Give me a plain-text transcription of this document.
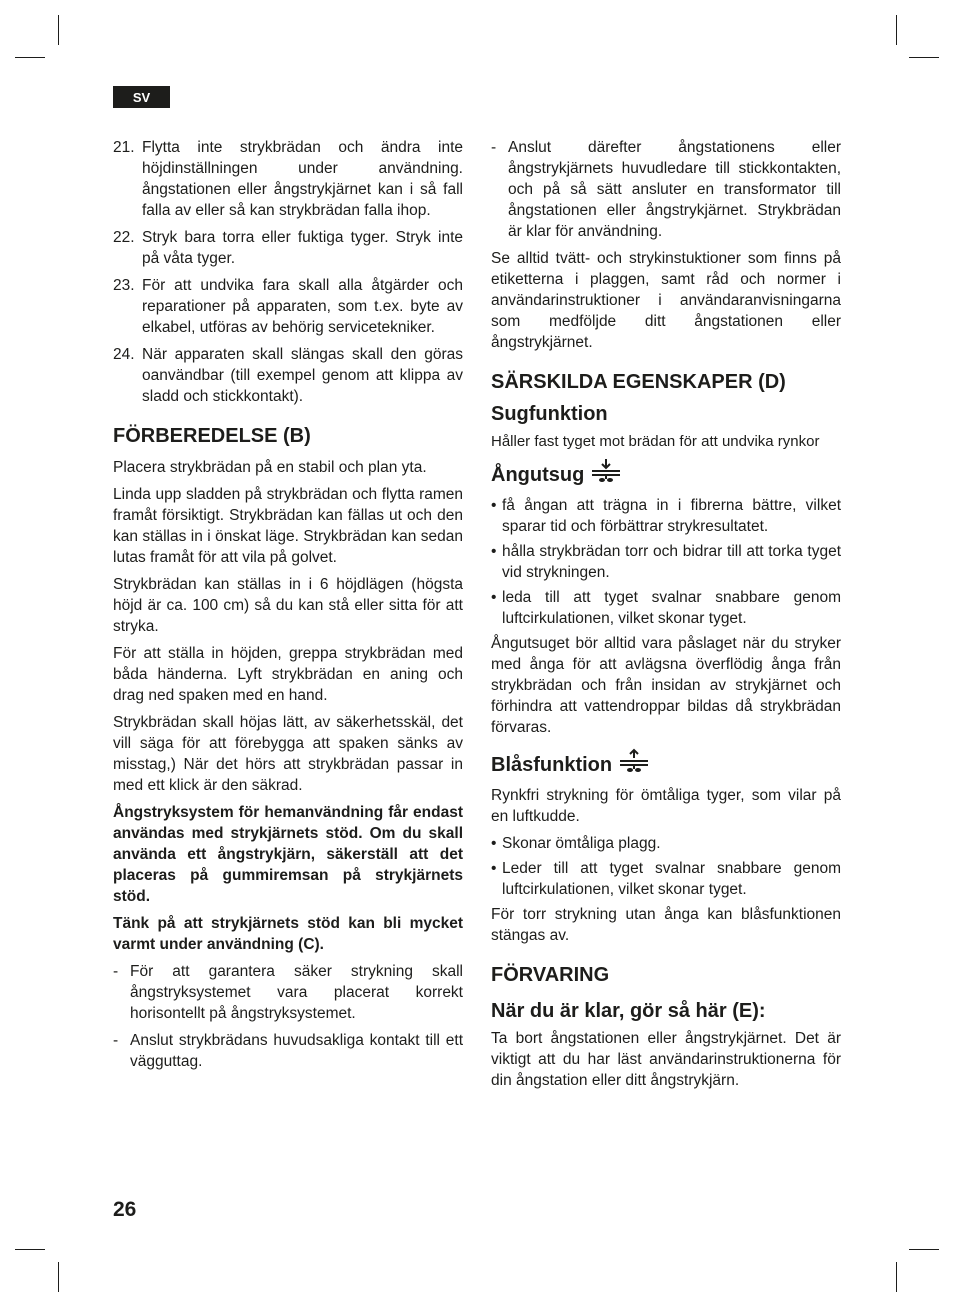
SV
21. Flytta inte strykbrädan och ändra inte höjdinställningen under användning. ångstationen eller ångstrykjärnet kan i så fall falla av eller så kan strykbrädan falla ihop.
22. Stryk bara torra eller fuktiga tyger. Stryk inte på våta tyger.
23. För att undvika fara skall alla åtgärder och reparationer på apparaten, som t.ex. byte av elkabel, utföras av behörig servicetekniker.
24. När apparaten skall slängas skall den göras oanvändbar (till exempel genom att klippa av sladd och stickkontakt).
FÖRBEREDELSE (B)

Placera strykbrädan på en stabil och plan yta.

Linda upp sladden på strykbrädan och flytta ramen framåt försiktigt. Strykbrädan kan fällas ut och den kan ställas in i önskat läge. Strykbrädan kan sedan lutas framåt för att vila på golvet.

Strykbrädan kan ställas in i 6 höjdlägen (högsta höjd är ca. 100 cm) så du kan stå eller sitta för att stryka.

För att ställa in höjden, greppa strykbrädan med båda händerna. Lyft strykbrädan en aning och drag ned spaken med en hand.

Strykbrädan skall höjas lätt, av säkerhetsskäl, det vill säga för att förebygga att spaken sänks av misstag,) När det hörs att strykbrädan passar in med ett klick är den säkrad.

Ångstryksystem för hemanvändning får endast användas med strykjärnets stöd. Om du skall använda ett ångstrykjärn, säkerställ att det placeras på gummiremsan på strykjärnets stöd.

Tänk på att strykjärnets stöd kan bli mycket varmt under användning (C).

- För att garantera säker strykning skall ångstryksystemet vara placerat korrekt horisontellt på ångstryksystemet.
- Anslut strykbrädans huvudsakliga kontakt till ett vägguttag.
- Anslut därefter ångstationens eller ångstrykjärnets huvudledare till stickkontakten, och på så sätt ansluter en transformator till ångstationen eller ångstrykjärnet. Strykbrädan är klar för användning.

Se alltid tvätt- och strykinstuktioner som finns på etiketterna i plaggen, samt råd och normer i användarinstruktioner i användaranvisningarna som medföljde ditt ångstationen eller ångstrykjärnet.

SÄRSKILDA EGENSKAPER (D)
Sugfunktion

Håller fast tyget mot brädan för att undvika rynkor

Ångutsug
• få ångan att trägna in i fibrerna bättre, vilket sparar tid och förbättrar strykresultatet.
• hålla strykbrädan torr och bidrar till att torka tyget vid strykningen.
• leda till att tyget svalnar snabbare genom luftcirkulationen, vilket skonar tyget.

Ångutsuget bör alltid vara påslaget när du stryker med ånga för att avlägsna överflödig ånga från strykbrädan och från insidan av strykjärnet och förhindra att vattendroppar bildas då strykbrädan förvaras.

Blåsfunktion

Rynkfri strykning för ömtåliga tyger, som vilar på en luftkudde.

• Skonar ömtåliga plagg.
• Leder till att tyget svalnar snabbare genom luftcirkulationen, vilket skonar tyget.

För torr strykning utan ånga kan blåsfunktionen stängas av.

FÖRVARING
När du är klar, gör så här (E):

Ta bort ångstationen eller ångstrykjärnet. Det är viktigt att du har läst användarinstruktionerna för din ångstation eller ditt ångstrykjärn.

26
